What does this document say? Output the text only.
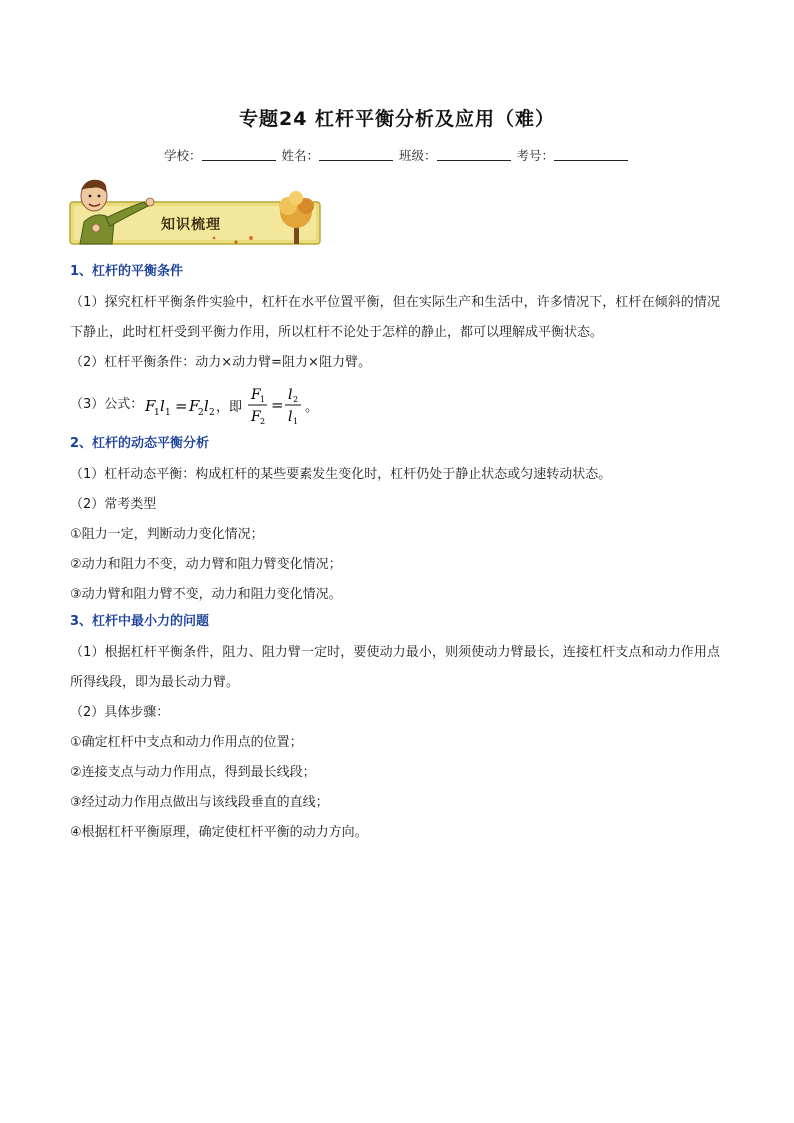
专题24 杠杆平衡分析及应用（难）
学校：	姓名：	班级：	考号：
知识梳理

1、杠杆的平衡条件

（1）探究杠杆平衡条件实验中，杠杆在水平位置平衡，但在实际生产和生活中，许多情况下，杠杆在倾斜的情况下静止，此时杠杆受到平衡力作用，所以杠杆不论处于怎样的静止，都可以理解成平衡状态。

（2）杠杆平衡条件：动力×动力臂=阻力×阻力臂。

（3）公式： F
1 l 1 = F
2 l 2 ，即
F 1
F 2
=
l 2
l 1
。

2、杠杆的动态平衡分析

（1）杠杆动态平衡：构成杠杆的某些要素发生变化时，杠杆仍处于静止状态或匀速转动状态。

（2）常考类型

①阻力一定，判断动力变化情况；

②动力和阻力不变，动力臂和阻力臂变化情况；

③动力臂和阻力臂不变，动力和阻力变化情况。

3、杠杆中最小力的问题

（1）根据杠杆平衡条件，阻力、阻力臂一定时，要使动力最小，则须使动力臂最长，连接杠杆支点和动力作用点所得线段，即为最长动力臂。

（2）具体步骤：

①确定杠杆中支点和动力作用点的位置；

②连接支点与动力作用点，得到最长线段；

③经过动力作用点做出与该线段垂直的直线；

④根据杠杆平衡原理，确定使杠杆平衡的动力方向。
